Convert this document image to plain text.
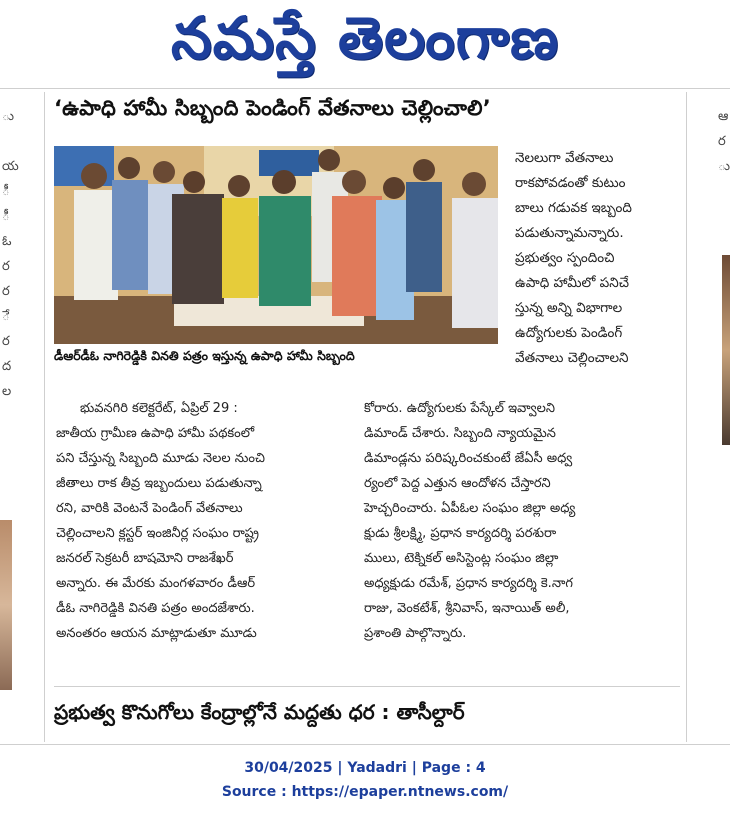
నమస్తే తెలంగాణ
ు
య
ీ
ీ
ఓ
ర
ర
ే
ర
ద
ల
ఆ
ర
ు
‘ఉపాధి హామీ సిబ్బంది పెండింగ్ వేతనాలు చెల్లించాలి’
డీఆర్‌డీఓ నాగిరెడ్డికి వినతి పత్రం ఇస్తున్న ఉపాధి హామీ సిబ్బంది
నెలలుగా వేతనాలు
రాకపోవడంతో కుటుం
బాలు గడువక ఇబ్బంది
పడుతున్నామన్నారు.
ప్రభుత్వం స్పందించి
ఉపాధి హామీలో పనిచే
స్తున్న అన్ని విభాగాల
ఉద్యోగులకు పెండింగ్
వేతనాలు చెల్లించాలని
భువనగిరి కలెక్టరేట్, ఏప్రిల్ 29 :
జాతీయ గ్రామీణ ఉపాధి హామీ పథకంలో
పని చేస్తున్న సిబ్బంది మూడు నెలల నుంచి
జీతాలు రాక తీవ్ర ఇబ్బందులు పడుతున్నా
రని, వారికి వెంటనే పెండింగ్ వేతనాలు
చెల్లించాలని క్లస్టర్ ఇంజినీర్ల సంఘం రాష్ట్ర
జనరల్ సెక్రటరీ బాషమోని రాజశేఖర్
అన్నారు. ఈ మేరకు మంగళవారం డీఆర్
డీఓ నాగిరెడ్డికి వినతి పత్రం అందజేశారు.
అనంతరం ఆయన మాట్లాడుతూ మూడు
కోరారు. ఉద్యోగులకు పేస్కేల్ ఇవ్వాలని
డిమాండ్ చేశారు. సిబ్బంది న్యాయమైన
డిమాండ్లను పరిష్కరించకుంటే జేఏసీ అధ్వ
ర్యంలో పెద్ద ఎత్తున ఆందోళన చేస్తారని
హెచ్చరించారు. ఏపీఓల సంఘం జిల్లా అధ్య
క్షుడు శ్రీలక్ష్మి, ప్రధాన కార్యదర్శి పరశురా
ములు, టెక్నికల్ అసిస్టెంట్ల సంఘం జిల్లా
అధ్యక్షుడు రమేశ్, ప్రధాన కార్యదర్శి కె.నాగ
రాజు, వెంకటేశ్, శ్రీనివాస్, ఇనాయిత్ అలీ,
ప్రశాంతి పాల్గొన్నారు.
ప్రభుత్వ కొనుగోలు కేంద్రాల్లోనే మద్దతు ధర : తాసీల్దార్
30/04/2025 | Yadadri | Page : 4
Source : https://epaper.ntnews.com/
